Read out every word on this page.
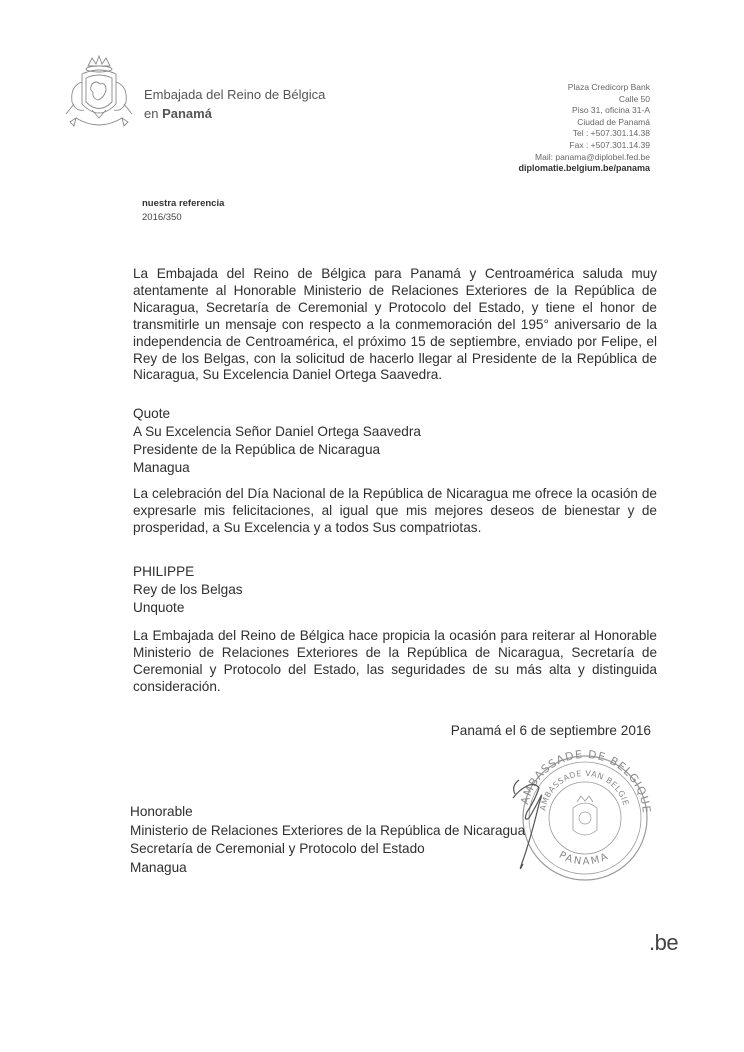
Embajada del Reino de Bélgica
en Panamá
Plaza Credicorp Bank
Calle 50
Piso 31, oficina 31-A
Ciudad de Panamá
Tel : +507.301.14.38
Fax : +507.301.14.39
Mail: panama@diplobel.fed.be
diplomatie.belgium.be/panama
nuestra referencia
2016/350
La Embajada del Reino de Bélgica para Panamá y Centroamérica saluda muy atentamente al Honorable Ministerio de Relaciones Exteriores de la República de Nicaragua, Secretaría de Ceremonial y Protocolo del Estado, y tiene el honor de transmitirle un mensaje con respecto a la conmemoración del 195° aniversario de la independencia de Centroamérica, el próximo 15 de septiembre, enviado por Felipe, el Rey de los Belgas, con la solicitud de hacerlo llegar al Presidente de la República de Nicaragua, Su Excelencia Daniel Ortega Saavedra.
Quote
A Su Excelencia Señor Daniel Ortega Saavedra
Presidente de la República de Nicaragua
Managua
La celebración del Día Nacional de la República de Nicaragua me ofrece la ocasión de expresarle mis felicitaciones, al igual que mis mejores deseos de bienestar y de prosperidad, a Su Excelencia y a todos Sus compatriotas.
PHILIPPE
Rey de los Belgas
Unquote
La Embajada del Reino de Bélgica hace propicia la ocasión para reiterar al Honorable Ministerio de Relaciones Exteriores de la República de Nicaragua, Secretaría de Ceremonial y Protocolo del Estado, las seguridades de su más alta y distinguida consideración.
Panamá el 6 de septiembre 2016
AMBASSADE DE BELGIQUE
AMBASSADE VAN BELGIE
PANAMA
Honorable
Ministerio de Relaciones Exteriores de la República de Nicaragua
Secretaría de Ceremonial y Protocolo del Estado
Managua
.be
